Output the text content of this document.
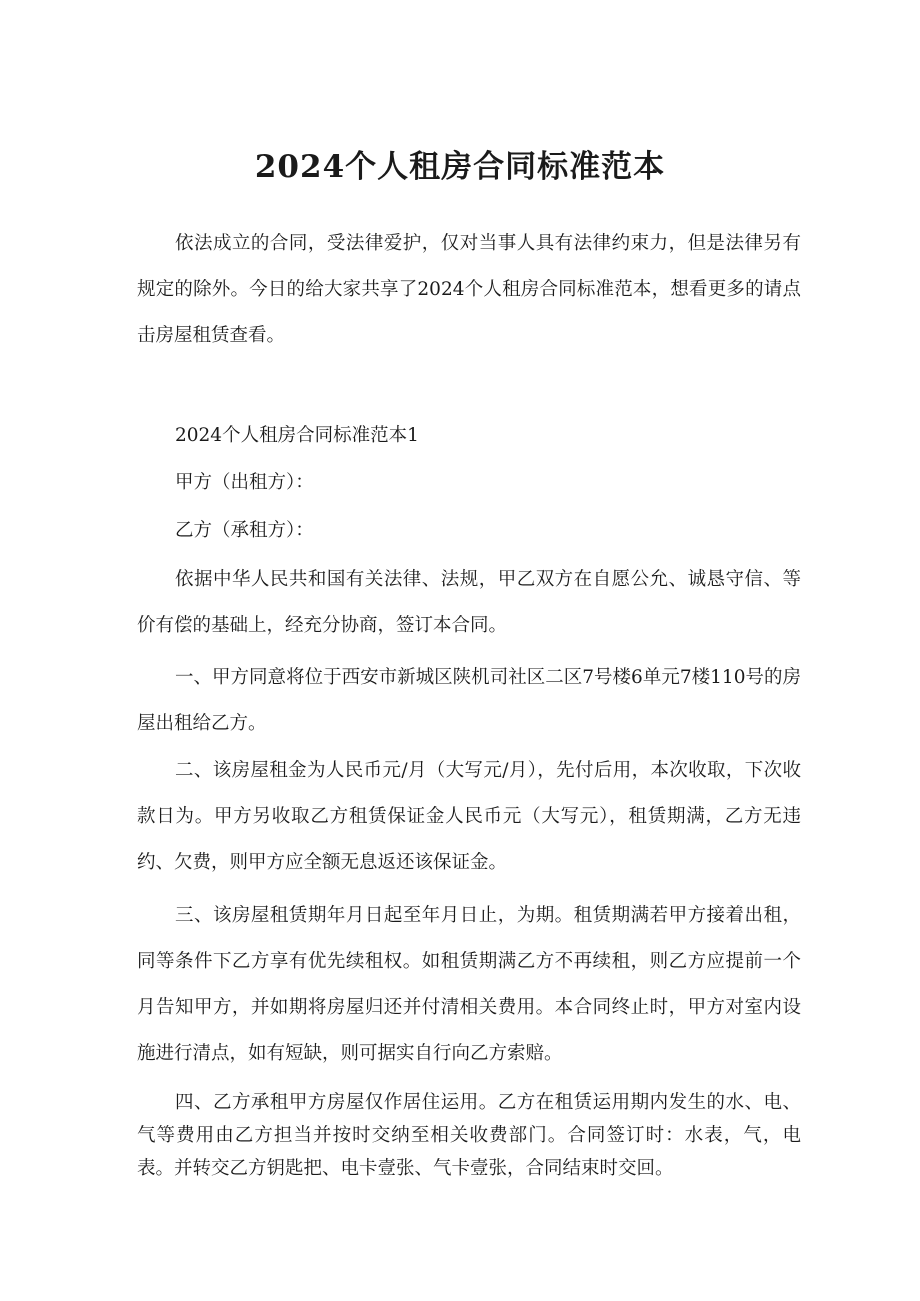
2024个人租房合同标准范本

依法成立的合同，受法律爱护，仅对当事人具有法律约束力，但是法律另有规定的除外。今日的给大家共享了2024个人租房合同标准范本，想看更多的请点击房屋租赁查看。

2024个人租房合同标准范本1

甲方（出租方）：

乙方（承租方）：

依据中华人民共和国有关法律、法规，甲乙双方在自愿公允、诚恳守信、等价有偿的基础上，经充分协商，签订本合同。

一、甲方同意将位于西安市新城区陕机司社区二区7号楼6单元7楼110号的房屋出租给乙方。

二、该房屋租金为人民币元/月（大写元/月），先付后用，本次收取，下次收款日为。甲方另收取乙方租赁保证金人民币元（大写元），租赁期满，乙方无违约、欠费，则甲方应全额无息返还该保证金。

三、该房屋租赁期年月日起至年月日止，为期。租赁期满若甲方接着出租，同等条件下乙方享有优先续租权。如租赁期满乙方不再续租，则乙方应提前一个月告知甲方，并如期将房屋归还并付清相关费用。本合同终止时，甲方对室内设施进行清点，如有短缺，则可据实自行向乙方索赔。

四、乙方承租甲方房屋仅作居住运用。乙方在租赁运用期内发生的水、电、气等费用由乙方担当并按时交纳至相关收费部门。合同签订时：水表，气，电表。并转交乙方钥匙把、电卡壹张、气卡壹张，合同结束时交回。
